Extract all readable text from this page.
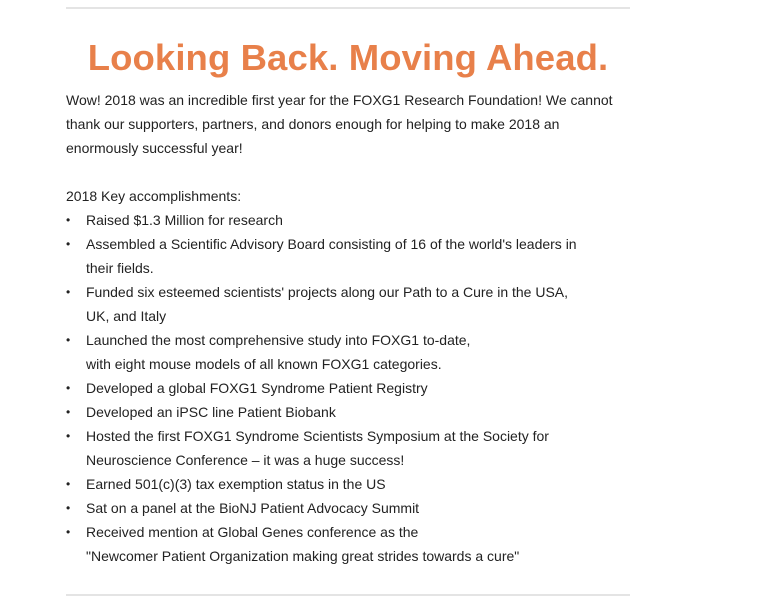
Looking Back. Moving Ahead.

Wow! 2018 was an incredible first year for the FOXG1 Research Foundation! We cannot
thank our supporters, partners, and donors enough for helping to make 2018 an
enormously successful year!

2018 Key accomplishments:

•	Raised $1.3 Million for research
•	Assembled a Scientific Advisory Board consisting of 16 of the world's leaders in
their fields.
•	Funded six esteemed scientists' projects along our Path to a Cure in the USA,
UK, and Italy
•	Launched the most comprehensive study into FOXG1 to-date,
with eight mouse models of all known FOXG1 categories.
•	Developed a global FOXG1 Syndrome Patient Registry
•	Developed an iPSC line Patient Biobank
•	Hosted the first FOXG1 Syndrome Scientists Symposium at the Society for
Neuroscience Conference – it was a huge success!
•	Earned 501(c)(3) tax exemption status in the US
•	Sat on a panel at the BioNJ Patient Advocacy Summit
•	Received mention at Global Genes conference as the
"Newcomer Patient Organization making great strides towards a cure"
